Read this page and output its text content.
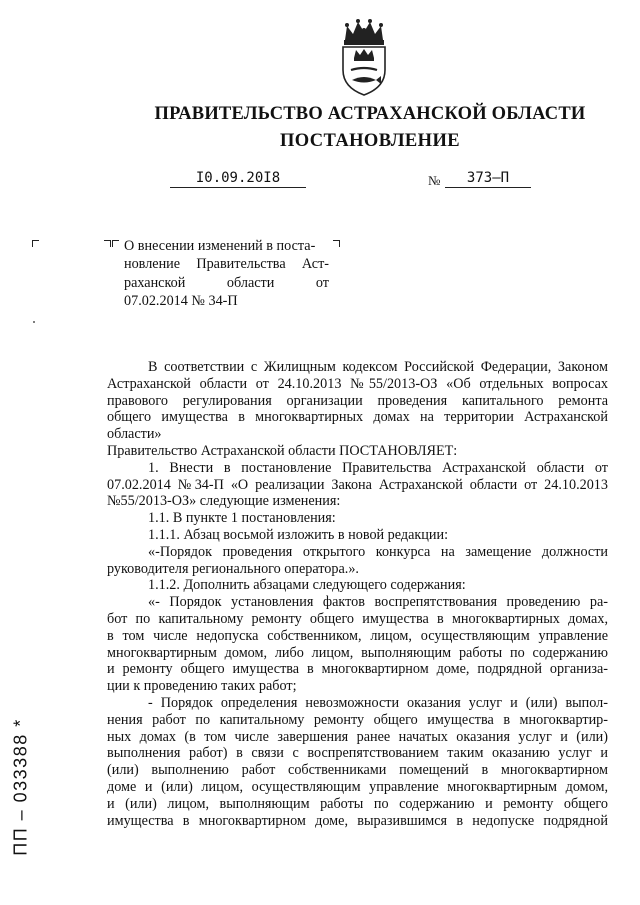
ПРАВИТЕЛЬСТВО АСТРАХАНСКОЙ ОБЛАСТИ
ПОСТАНОВЛЕНИЕ
I0.09.20I8	№	373–П
О внесении изменений в поста-
новление Правительства Аст-
раханской области от
07.02.2014 № 34-П

В соответствии с Жилищным кодексом Российской Федерации, Законом
Астраханской области от 24.10.2013 №55/2013-ОЗ «Об отдельных вопросах
правового регулирования организации проведения капитального ремонта
общего имущества в многоквартирных домах на территории Астраханской
области»

Правительство Астраханской области ПОСТАНОВЛЯЕТ:

1. Внести в постановление Правительства Астраханской области от
07.02.2014 №34-П «О реализации Закона Астраханской области от 24.10.2013
№55/2013-ОЗ» следующие изменения:

1.1. В пункте 1 постановления:

1.1.1. Абзац восьмой изложить в новой редакции:

«-Порядок проведения открытого конкурса на замещение должности
руководителя регионального оператора.».

1.1.2. Дополнить абзацами следующего содержания:

«- Порядок установления фактов воспрепятствования проведению ра-
бот по капитальному ремонту общего имущества в многоквартирных домах,
в том числе недопуска собственником, лицом, осуществляющим управление
многоквартирным домом, либо лицом, выполняющим работы по содержанию
и ремонту общего имущества в многоквартирном доме, подрядной организа-
ции к проведению таких работ;

- Порядок определения невозможности оказания услуг и (или) выпол-
нения работ по капитальному ремонту общего имущества в многоквартир-
ных домах (в том числе завершения ранее начатых оказания услуг и (или)
выполнения работ) в связи с воспрепятствованием таким оказанию услуг и
(или) выполнению работ собственниками помещений в многоквартирном
доме и (или) лицом, осуществляющим управление многоквартирным домом,
и (или) лицом, выполняющим работы по содержанию и ремонту общего
имущества в многоквартирном доме, выразившимся в недопуске подрядной

ПП – 033388 *
